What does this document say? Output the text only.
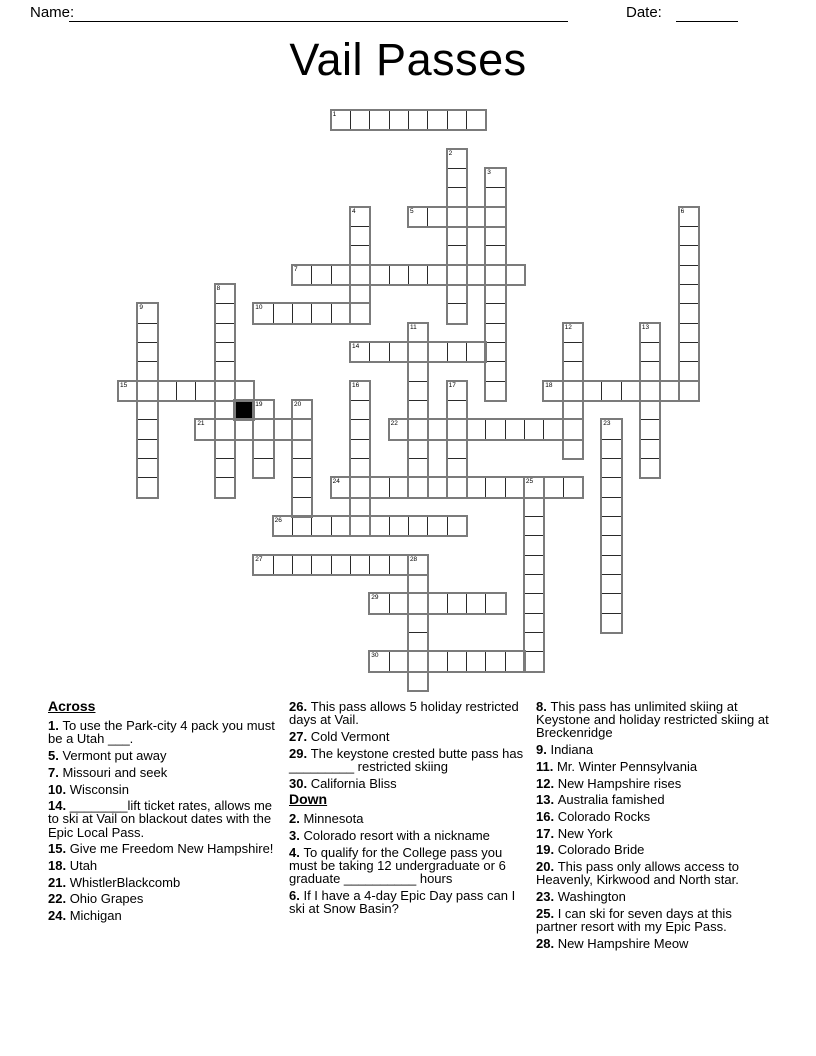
Name:	Date:
Vail Passes
1
2
3
4	5	6
7
8
9	10
11	12	13
14
15	16	17	18
19	20
21	22	23
24	25
26
27	28
29
30
Across
1. To use the Park-city 4 pack you must be a Utah ___.
5. Vermont put away
7. Missouri and seek
10. Wisconsin
14. ________lift ticket rates, allows me to ski at Vail on blackout dates with the Epic Local Pass.
15. Give me Freedom New Hampshire!
18. Utah
21. WhistlerBlackcomb
22. Ohio Grapes
24. Michigan
26. This pass allows 5 holiday restricted days at Vail.
27. Cold Vermont
29. The keystone crested butte pass has _________ restricted skiing
30. California Bliss
Down
2. Minnesota
3. Colorado resort with a nickname
4. To qualify for the College pass you must be taking 12 undergraduate or 6 graduate __________ hours
6. If I have a 4-day Epic Day pass can I ski at Snow Basin?
8. This pass has unlimited skiing at Keystone and holiday restricted skiing at Breckenridge
9. Indiana
11. Mr. Winter Pennsylvania
12. New Hampshire rises
13. Australia famished
16. Colorado Rocks
17. New York
19. Colorado Bride
20. This pass only allows access to Heavenly, Kirkwood and North star.
23. Washington
25. I can ski for seven days at this partner resort with my Epic Pass.
28. New Hampshire Meow
